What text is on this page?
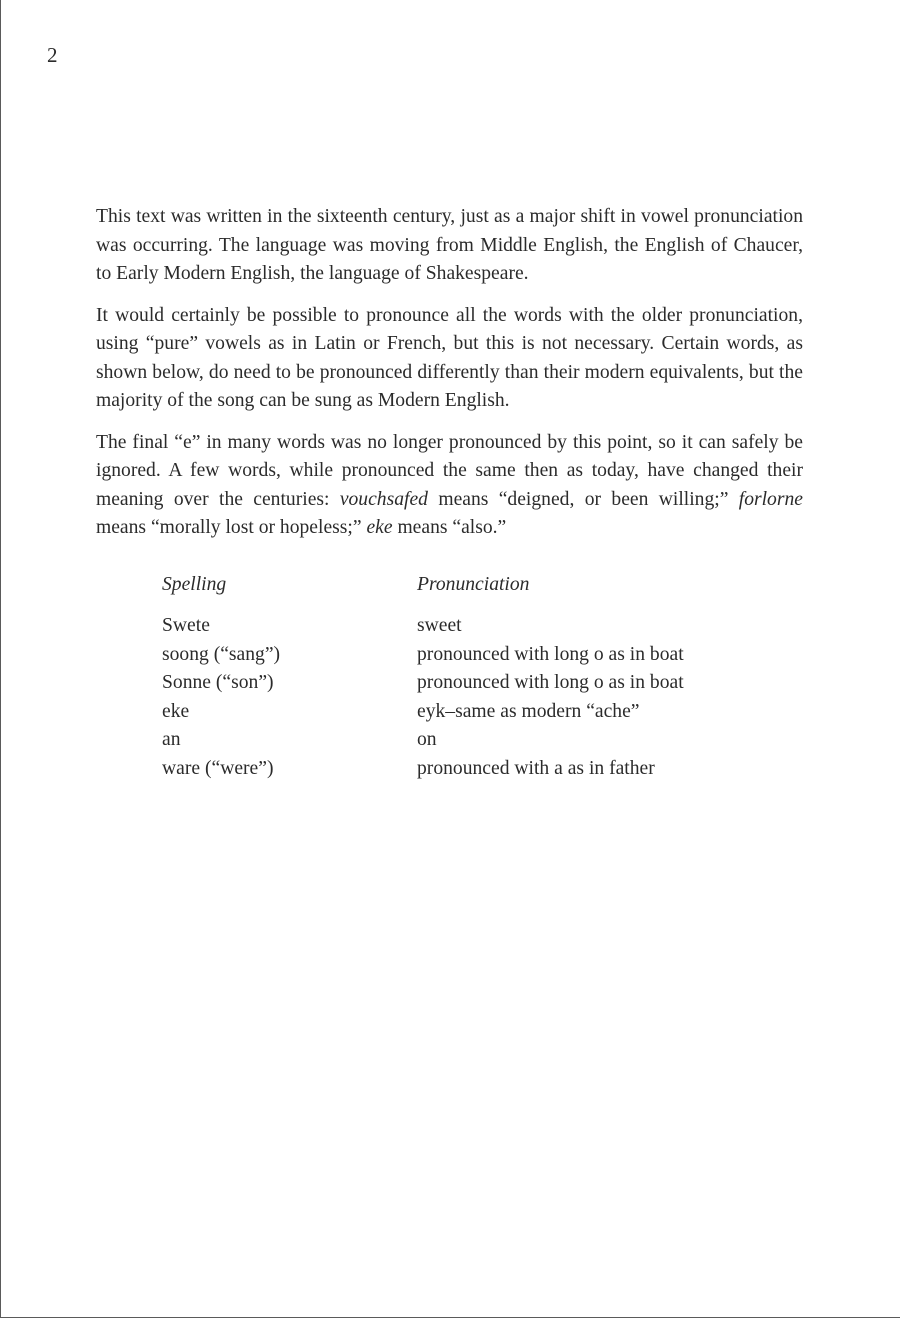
2

This text was written in the sixteenth century, just as a major shift in vowel pronunciation was occurring. The language was moving from Middle English, the English of Chaucer, to Early Modern English, the language of Shakespeare.

It would certainly be possible to pronounce all the words with the older pronunciation, using “pure” vowels as in Latin or French, but this is not necessary. Certain words, as shown below, do need to be pronounced differently than their modern equivalents, but the majority of the song can be sung as Modern English.

The final “e” in many words was no longer pronounced by this point, so it can safely be ignored. A few words, while pronounced the same then as today, have changed their meaning over the centuries: vouchsafed means “deigned, or been willing;” forlorne means “morally lost or hopeless;” eke means “also.”

Spelling	Pronunciation
Swete	sweet
soong (“sang”)	pronounced with long o as in boat
Sonne (“son”)	pronounced with long o as in boat
eke	eyk–same as modern “ache”
an	on
ware (“were”)	pronounced with a as in father
